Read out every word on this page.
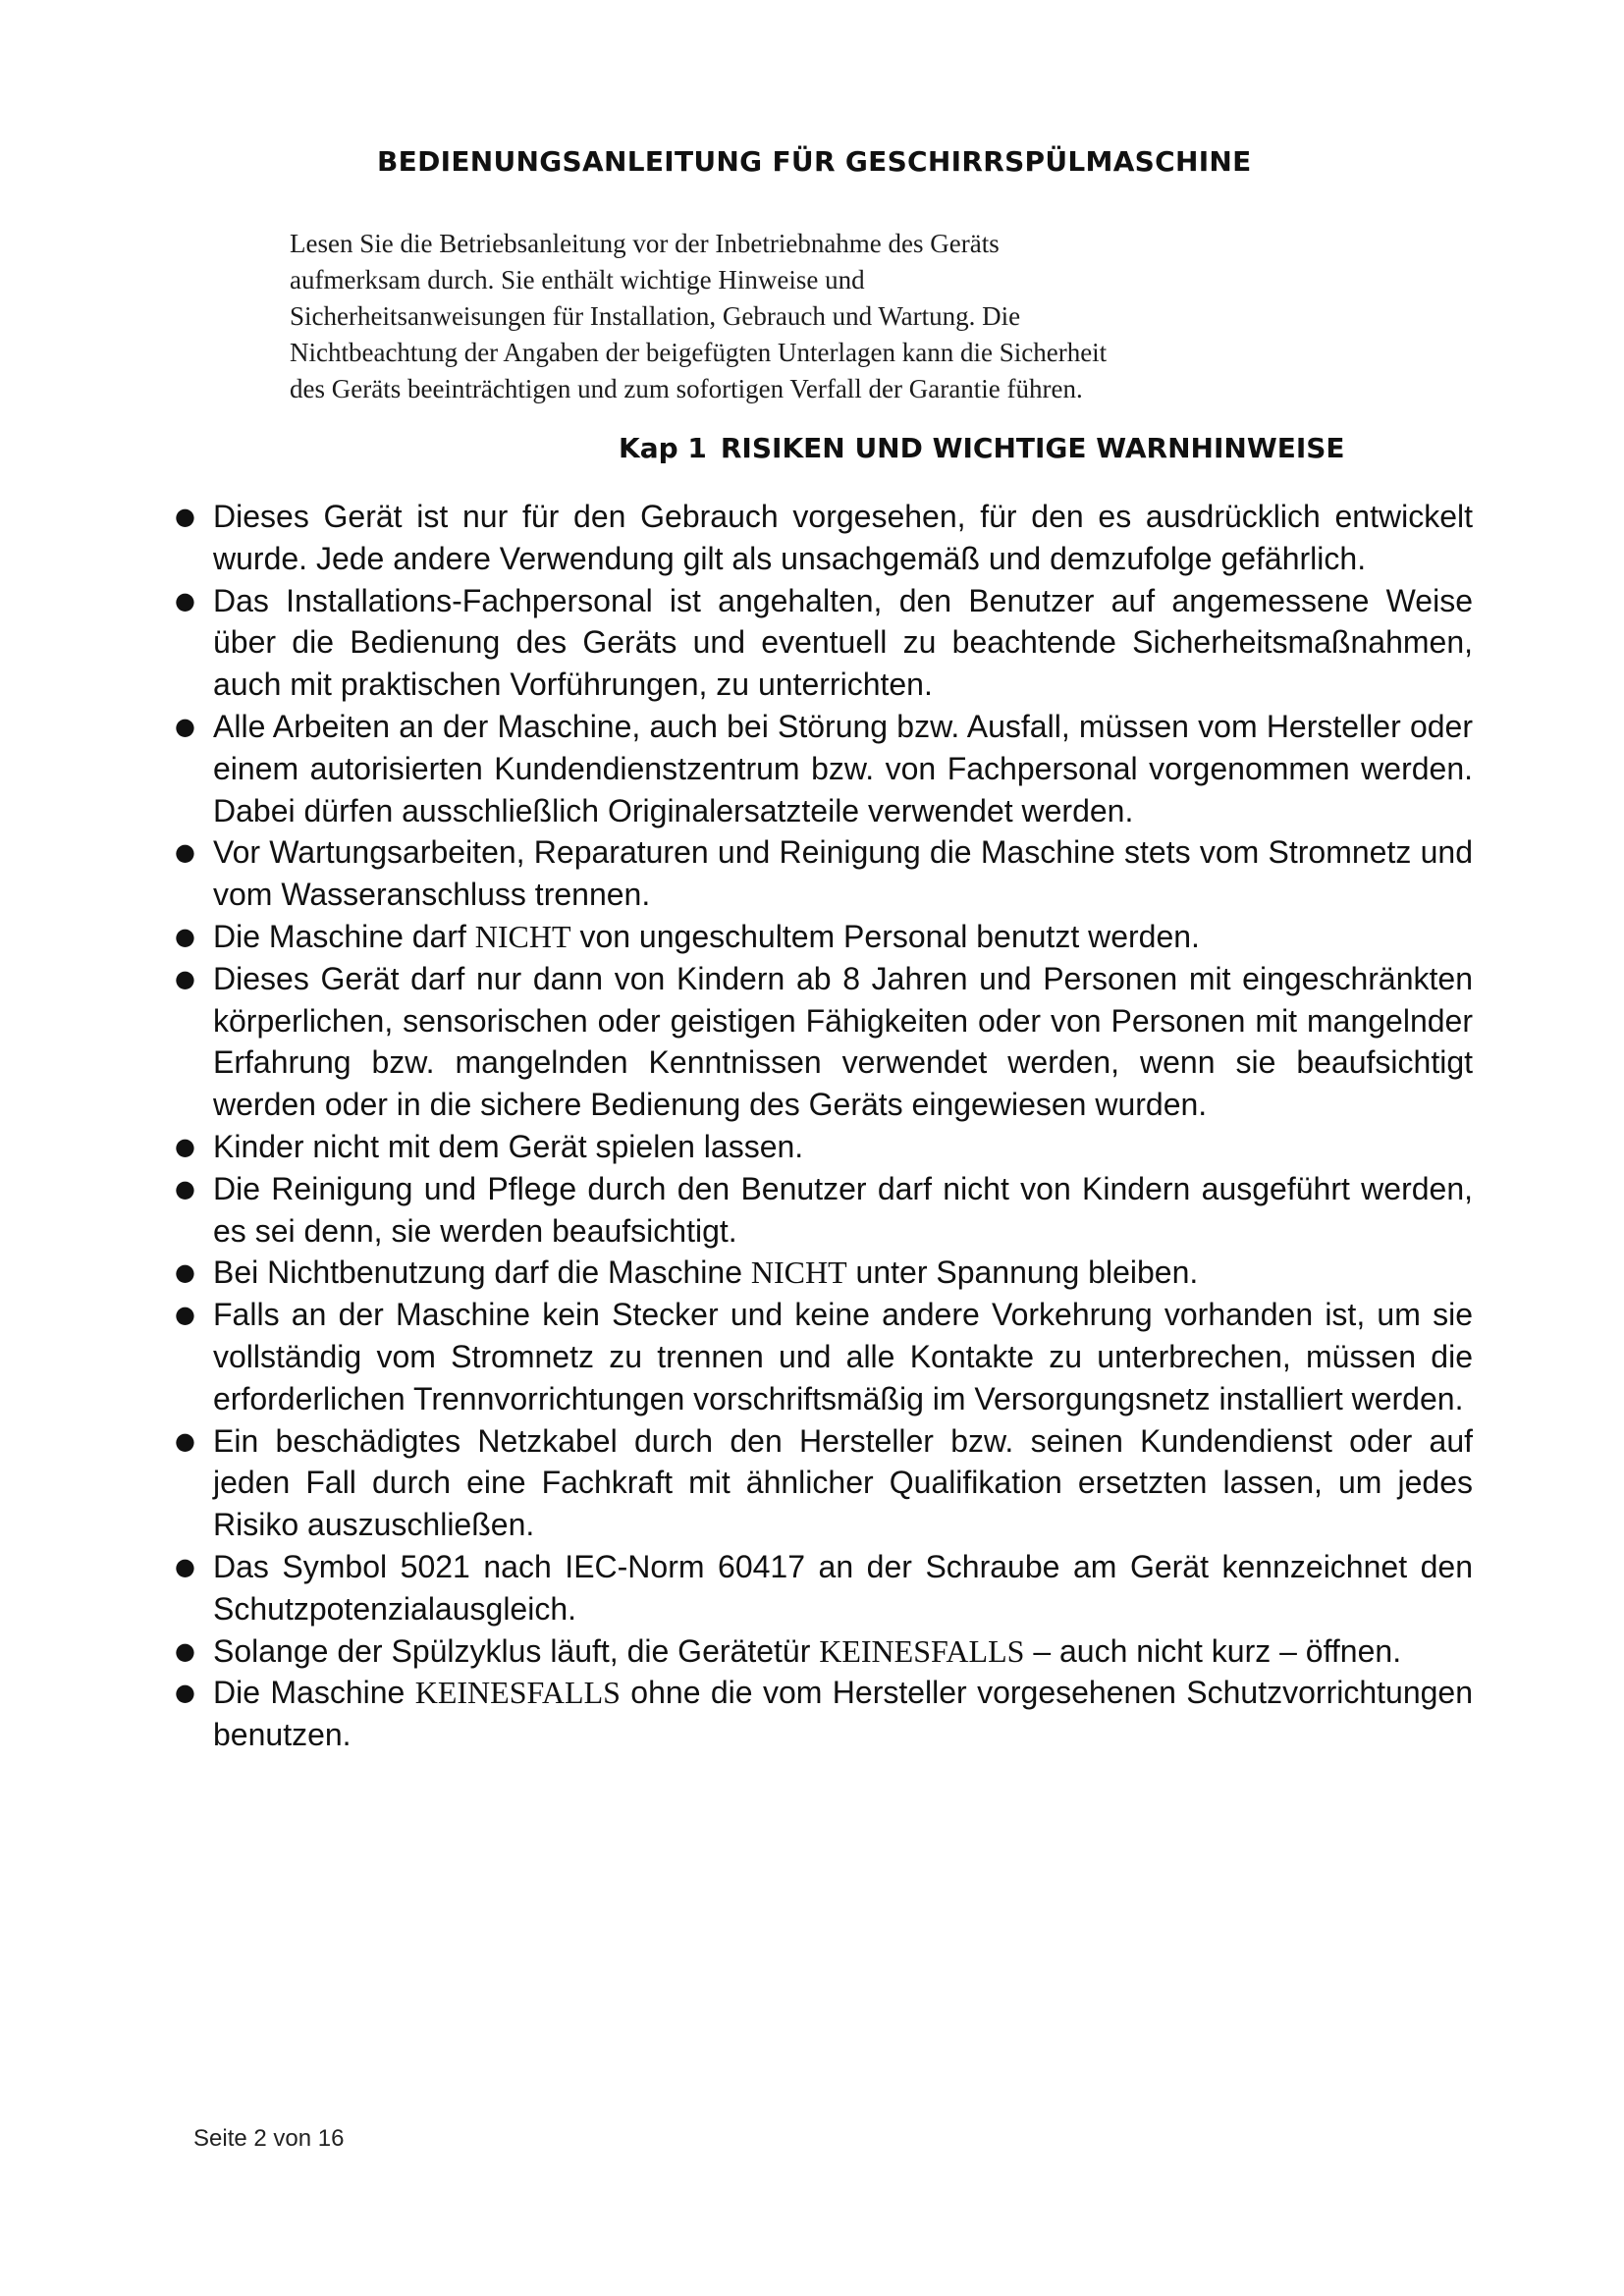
BEDIENUNGSANLEITUNG FÜR GESCHIRRSPÜLMASCHINE

Lesen Sie die Betriebsanleitung vor der Inbetriebnahme des Geräts
aufmerksam durch. Sie enthält wichtige Hinweise und
Sicherheitsanweisungen für Installation, Gebrauch und Wartung. Die
Nichtbeachtung der Angaben der beigefügten Unterlagen kann die Sicherheit
des Geräts beeinträchtigen und zum sofortigen Verfall der Garantie führen.

Kap 1 RISIKEN UND WICHTIGE WARNHINWEISE
● Dieses Gerät ist nur für den Gebrauch vorgesehen, für den es ausdrücklich entwickelt wurde. Jede andere Verwendung gilt als unsachgemäß und demzufolge gefährlich.
● Das Installations-Fachpersonal ist angehalten, den Benutzer auf angemessene Weise über die Bedienung des Geräts und eventuell zu beachtende Sicherheitsmaßnahmen, auch mit praktischen Vorführungen, zu unterrichten.
● Alle Arbeiten an der Maschine, auch bei Störung bzw. Ausfall, müssen vom Hersteller oder einem autorisierten Kundendienstzentrum bzw. von Fachpersonal vorgenommen werden. Dabei dürfen ausschließlich Originalersatzteile verwendet werden.
● Vor Wartungsarbeiten, Reparaturen und Reinigung die Maschine stets vom Stromnetz und vom Wasseranschluss trennen.
● Die Maschine darf NICHT von ungeschultem Personal benutzt werden.
● Dieses Gerät darf nur dann von Kindern ab 8 Jahren und Personen mit eingeschränkten körperlichen, sensorischen oder geistigen Fähigkeiten oder von Personen mit mangelnder Erfahrung bzw. mangelnden Kenntnissen verwendet werden, wenn sie beaufsichtigt werden oder in die sichere Bedienung des Geräts eingewiesen wurden.
● Kinder nicht mit dem Gerät spielen lassen.
● Die Reinigung und Pflege durch den Benutzer darf nicht von Kindern ausgeführt werden, es sei denn, sie werden beaufsichtigt.
● Bei Nichtbenutzung darf die Maschine NICHT unter Spannung bleiben.
● Falls an der Maschine kein Stecker und keine andere Vorkehrung vorhanden ist, um sie vollständig vom Stromnetz zu trennen und alle Kontakte zu unterbrechen, müssen die erforderlichen Trennvorrichtungen vorschriftsmäßig im Versorgungsnetz installiert werden.
● Ein beschädigtes Netzkabel durch den Hersteller bzw. seinen Kundendienst oder auf jeden Fall durch eine Fachkraft mit ähnlicher Qualifikation ersetzten lassen, um jedes Risiko auszuschließen.
● Das Symbol 5021 nach IEC-Norm 60417 an der Schraube am Gerät kennzeichnet den Schutzpotenzialausgleich.
● Solange der Spülzyklus läuft, die Gerätetür KEINESFALLS – auch nicht kurz – öffnen.
● Die Maschine KEINESFALLS ohne die vom Hersteller vorgesehenen Schutzvorrichtungen benutzen.
Seite 2 von 16
